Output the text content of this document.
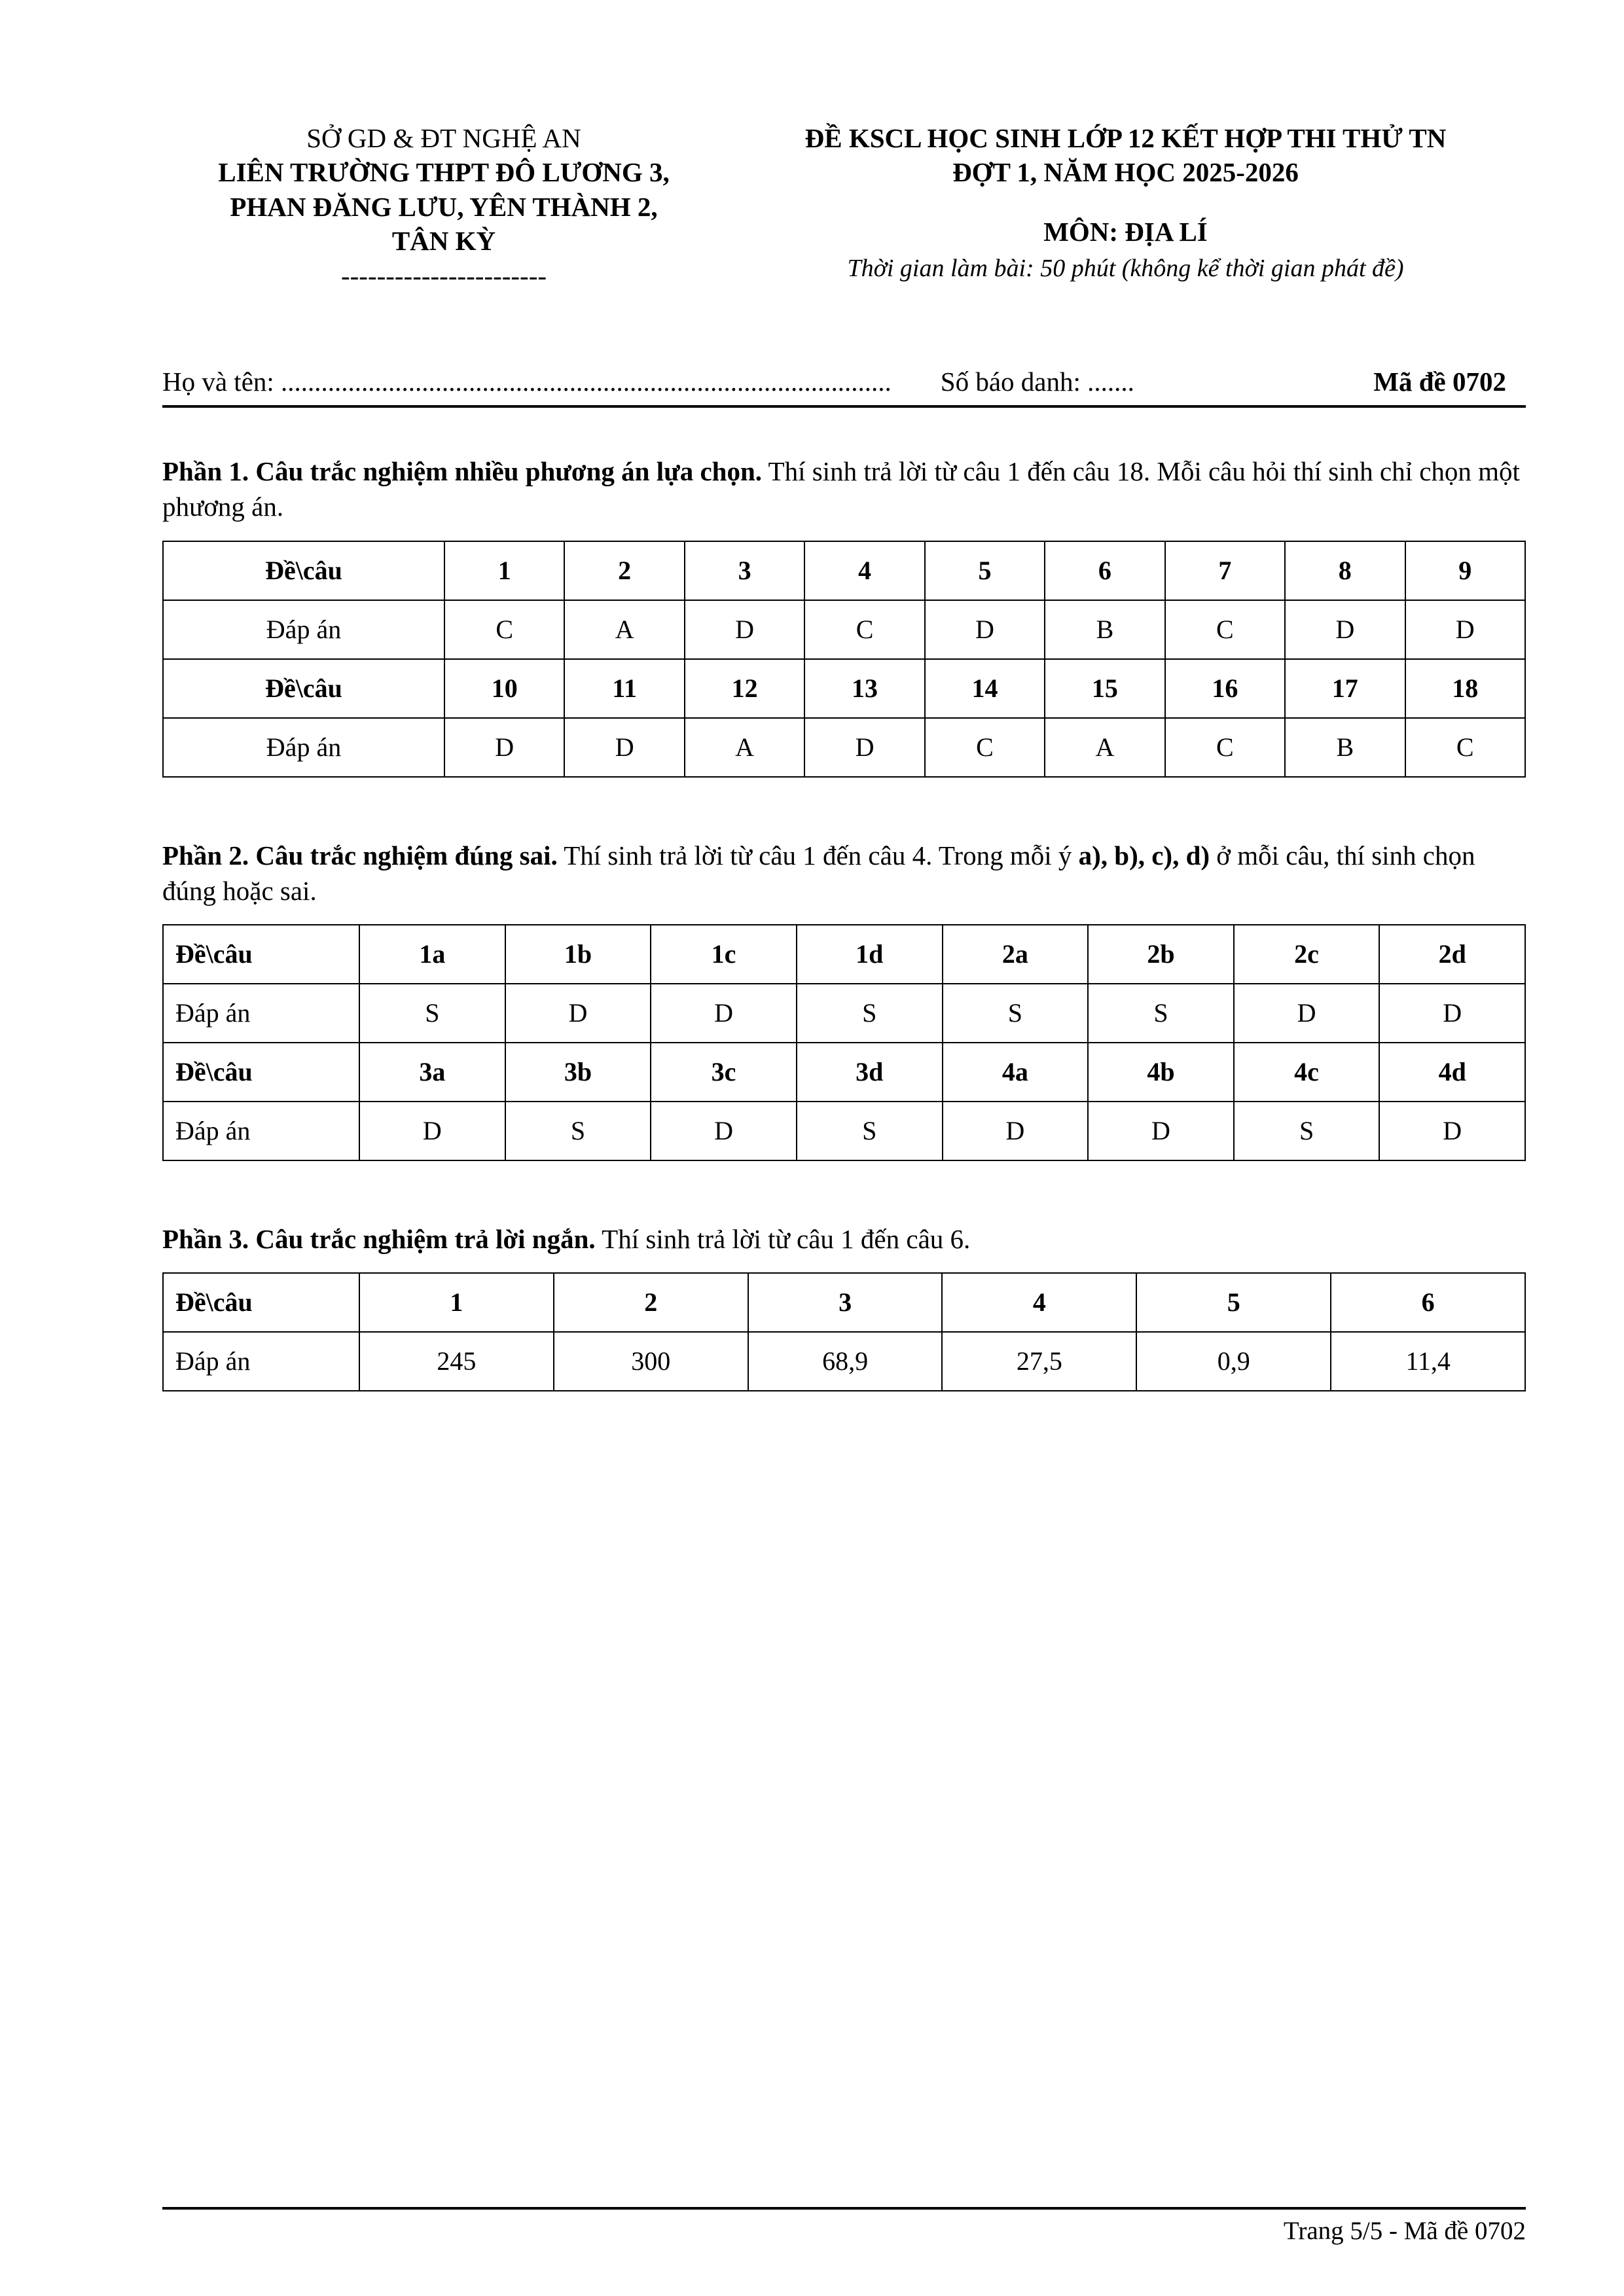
SỞ GD & ĐT NGHỆ AN
LIÊN TRƯỜNG THPT ĐÔ LƯƠNG 3,
PHAN ĐĂNG LƯU, YÊN THÀNH 2,
TÂN KỲ
-----------------------
ĐỀ KSCL HỌC SINH LỚP 12 KẾT HỢP THI THỬ TN
ĐỢT 1, NĂM HỌC 2025-2026
MÔN: ĐỊA LÍ
Thời gian làm bài: 50 phút (không kể thời gian phát đề)
Họ và tên: ........................................................................................... Số báo danh: .......	Mã đề 0702

Phần 1. Câu trắc nghiệm nhiều phương án lựa chọn. Thí sinh trả lời từ câu 1 đến câu 18. Mỗi câu hỏi thí sinh chỉ chọn một phương án.

Đề\câu	1	2	3	4	5	6	7	8	9
Đáp án	C	A	D	C	D	B	C	D	D
Đề\câu	10	11	12	13	14	15	16	17	18
Đáp án	D	D	A	D	C	A	C	B	C

Phần 2. Câu trắc nghiệm đúng sai. Thí sinh trả lời từ câu 1 đến câu 4. Trong mỗi ý a), b), c), d) ở mỗi câu, thí sinh chọn đúng hoặc sai.

Đề\câu	1a	1b	1c	1d	2a	2b	2c	2d
Đáp án	S	D	D	S	S	S	D	D
Đề\câu	3a	3b	3c	3d	4a	4b	4c	4d
Đáp án	D	S	D	S	D	D	S	D

Phần 3. Câu trắc nghiệm trả lời ngắn. Thí sinh trả lời từ câu 1 đến câu 6.

Đề\câu	1	2	3	4	5	6
Đáp án	245	300	68,9	27,5	0,9	11,4
Trang 5/5 - Mã đề 0702
